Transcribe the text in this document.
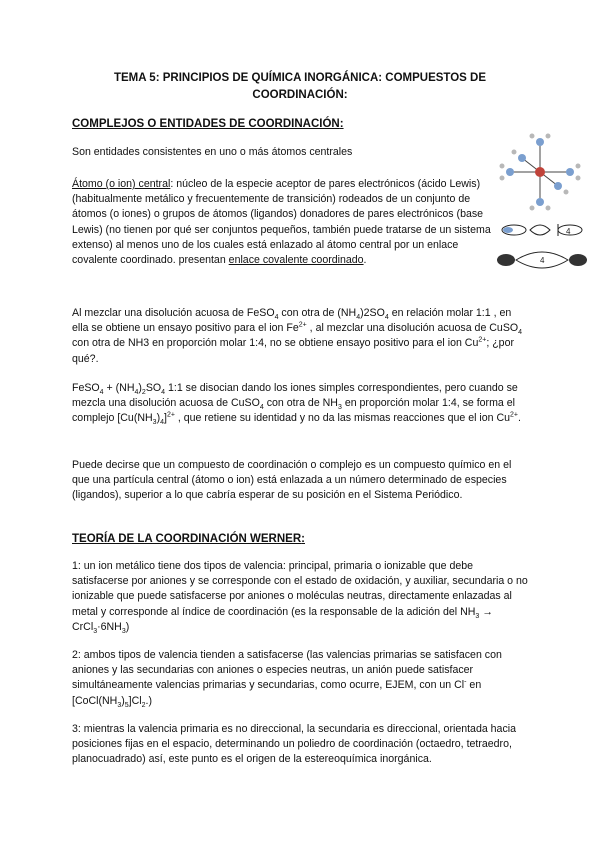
TEMA 5: PRINCIPIOS DE QUÍMICA INORGÁNICA: COMPUESTOS DE
COORDINACIÓN:
COMPLEJOS O ENTIDADES DE COORDINACIÓN:
Son entidades consistentes en uno o más átomos centrales
Átomo (o ion) central: núcleo de la especie aceptor de pares electrónicos (ácido Lewis) (habitualmente metálico y frecuentemente de transición) rodeados de un conjunto de átomos (o iones) o grupos de átomos (ligandos) donadores de pares electrónicos (base Lewis) (no tienen por qué ser conjuntos pequeños, también puede tratarse de un sistema extenso) al menos uno de los cuales está enlazado al átomo central por un enlace covalente coordinado. presentan enlace covalente coordinado.
4
4
Al mezclar una disolución acuosa de FeSO$_4$ con otra de $(NH_4)2SO_4$ en relación molar 1:1 , en ella se obtiene un ensayo positivo para el ion $Fe^{2+}$ , al mezclar una disolución acuosa de CuSO$_4$ con otra de NH3 en proporción molar 1:4, no se obtiene ensayo positivo para el ion $Cu^{2+}$; ¿por qué?.
FeSO$_4$ + $(NH_4)_2SO_4$ 1:1 se disocian dando los iones simples correspondientes, pero cuando se mezcla una disolución acuosa de CuSO$_4$ con otra de $NH_3$ en proporción molar 1:4, se forma el complejo $[Cu(NH_3)_4]^{2+}$ , que retiene su identidad y no da las mismas reacciones que el ion $Cu^{2+}$.
Puede decirse que un compuesto de coordinación o complejo es un compuesto químico en el que una partícula central (átomo o ion) está enlazada a un número determinado de especies (ligandos), superior a lo que cabría esperar de su posición en el Sistema Periódico.
TEORÍA DE LA COORDINACIÓN WERNER:
1: un ion metálico tiene dos tipos de valencia: principal, primaria o ionizable que debe satisfacerse por aniones y se corresponde con el estado de oxidación, y auxiliar, secundaria o no ionizable que puede satisfacerse por aniones o moléculas neutras, directamente enlazadas al metal y corresponde al índice de coordinación (es la responsable de la adición del $NH_3$ → $CrCl_3\cdot 6NH_3$)
2: ambos tipos de valencia tienden a satisfacerse (las valencias primarias se satisfacen con aniones y las secundarias con aniones o especies neutras, un anión puede satisfacer simultáneamente valencias primarias y secundarias, como ocurre, EJEM, con un Cl- en $[CoCl(NH_3)_5]Cl_2$.)
3: mientras la valencia primaria es no direccional, la secundaria es direccional, orientada hacia posiciones fijas en el espacio, determinando un poliedro de coordinación (octaedro, tetraedro, planocuadrado) así, este punto es el origen de la estereoquímica inorgánica.
